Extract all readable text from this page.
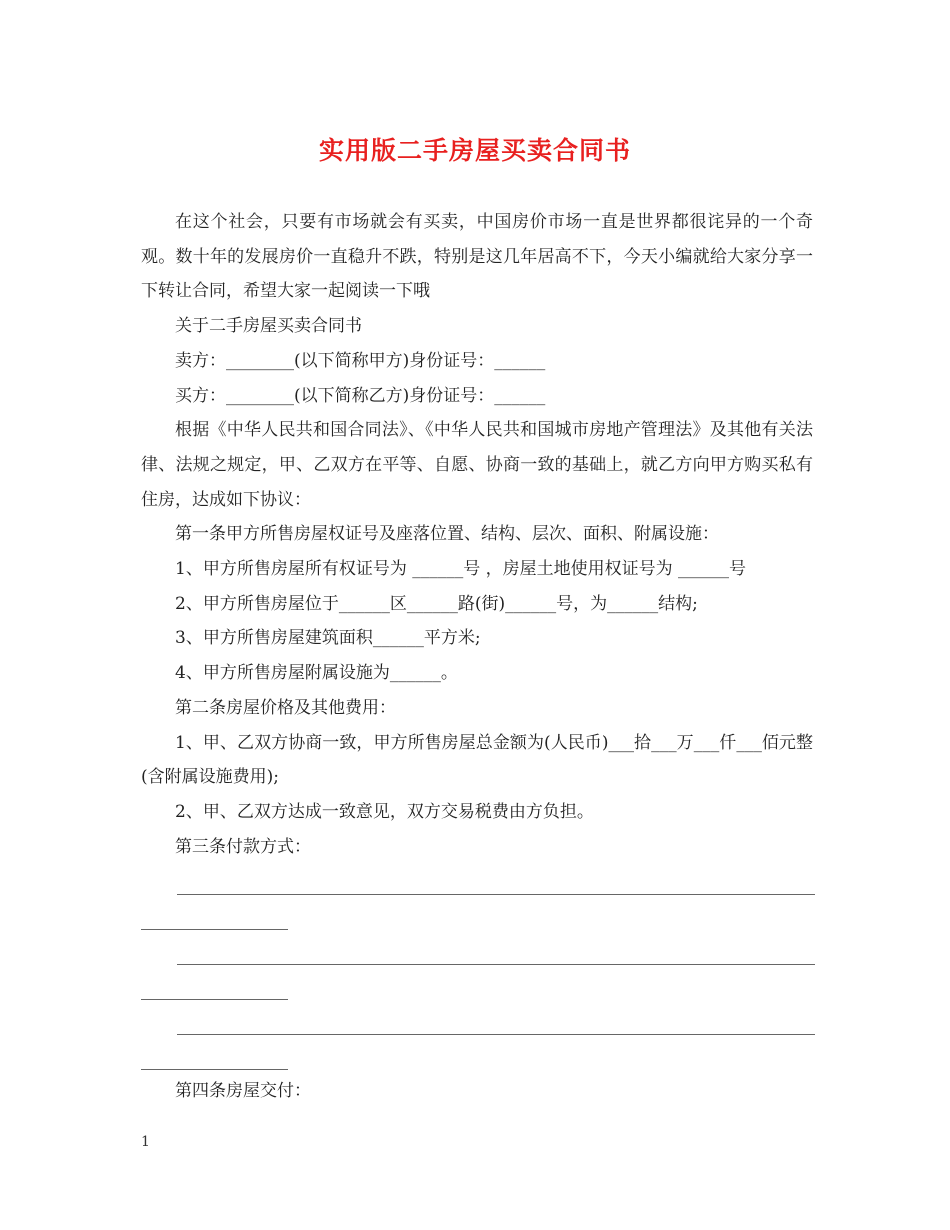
实用版二手房屋买卖合同书

在这个社会，只要有市场就会有买卖，中国房价市场一直是世界都很诧异的一个奇观。数十年的发展房价一直稳升不跌，特别是这几年居高不下，今天小编就给大家分享一下转让合同，希望大家一起阅读一下哦

关于二手房屋买卖合同书

卖方：________(以下简称甲方)身份证号：______

买方：________(以下简称乙方)身份证号：______

根据《中华人民共和国合同法》、《中华人民共和国城市房地产管理法》及其他有关法律、法规之规定，甲、乙双方在平等、自愿、协商一致的基础上，就乙方向甲方购买私有住房，达成如下协议：

第一条甲方所售房屋权证号及座落位置、结构、层次、面积、附属设施：

1、甲方所售房屋所有权证号为 ______号 ，房屋土地使用权证号为 ______号

2、甲方所售房屋位于______区______路(街)______号，为______结构;

3、甲方所售房屋建筑面积______平方米;

4、甲方所售房屋附属设施为______。

第二条房屋价格及其他费用：

1、甲、乙双方协商一致，甲方所售房屋总金额为(人民币)___拾___万___仟___佰元整(含附属设施费用);

2、甲、乙双方达成一致意见，双方交易税费由方负担。

第三条付款方式：

第四条房屋交付：

1
